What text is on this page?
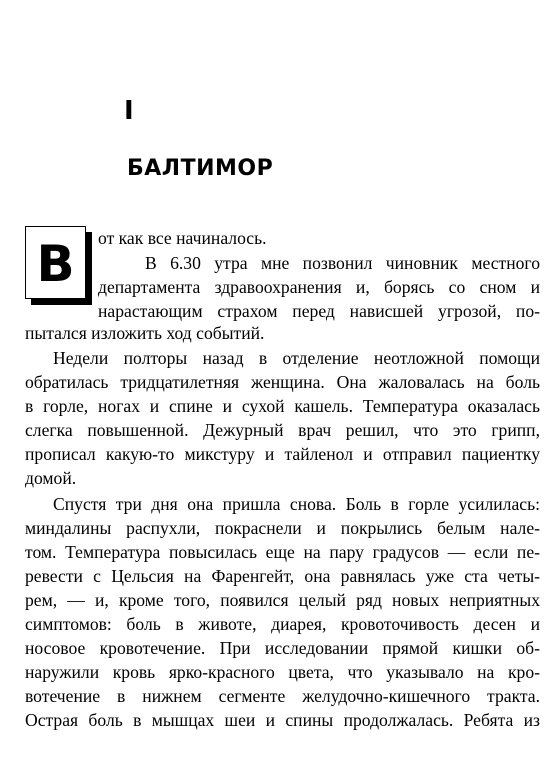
I
БАЛТИМОР
В от как все начиналось.
В 6.30 утра мне позвонил чиновник местного
департамента здравоохранения и, борясь со сном и
нарастающим страхом перед нависшей угрозой, по-
пытался изложить ход событий.
Недели полторы назад в отделение неотложной помощи
обратилась тридцатилетняя женщина. Она жаловалась на боль
в горле, ногах и спине и сухой кашель. Температура оказалась
слегка повышенной. Дежурный врач решил, что это грипп,
прописал какую-то микстуру и тайленол и отправил пациентку
домой.
Спустя три дня она пришла снова. Боль в горле усилилась:
миндалины распухли, покраснели и покрылись белым нале-
том. Температура повысилась еще на пару градусов — если пе-
ревести с Цельсия на Фаренгейт, она равнялась уже ста четы-
рем, — и, кроме того, появился целый ряд новых неприятных
симптомов: боль в животе, диарея, кровоточивость десен и
носовое кровотечение. При исследовании прямой кишки об-
наружили кровь ярко-красного цвета, что указывало на кро-
вотечение в нижнем сегменте желудочно-кишечного тракта.
Острая боль в мышцах шеи и спины продолжалась. Ребята из
